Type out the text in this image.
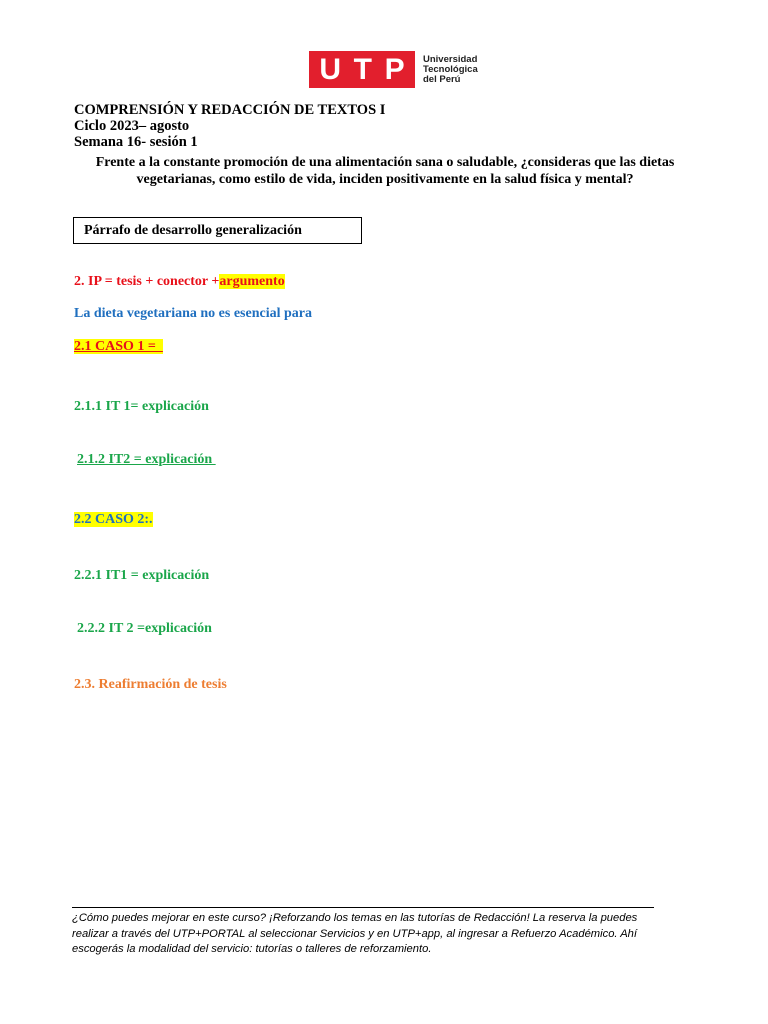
U T P Universidad
Tecnológica
del Perú
COMPRENSIÓN Y REDACCIÓN DE TEXTOS I
Ciclo 2023– agosto
Semana 16- sesión 1
Frente a la constante promoción de una alimentación sana o saludable, ¿consideras que las dietas vegetarianas, como estilo de vida, inciden positivamente en la salud física y mental?
Párrafo de desarrollo generalización
2. IP = tesis + conector +argumento
La dieta vegetariana no es esencial para
2.1 CASO 1 =
2.1.1 IT 1= explicación
2.1.2 IT2 = explicación
2.2 CASO 2:.
2.2.1 IT1 = explicación
2.2.2 IT 2 =explicación
2.3. Reafirmación de tesis
¿Cómo puedes mejorar en este curso? ¡Reforzando los temas en las tutorías de Redacción! La reserva la puedes realizar a través del UTP+PORTAL al seleccionar Servicios y en UTP+app, al ingresar a Refuerzo Académico. Ahí escogerás la modalidad del servicio: tutorías o talleres de reforzamiento.
